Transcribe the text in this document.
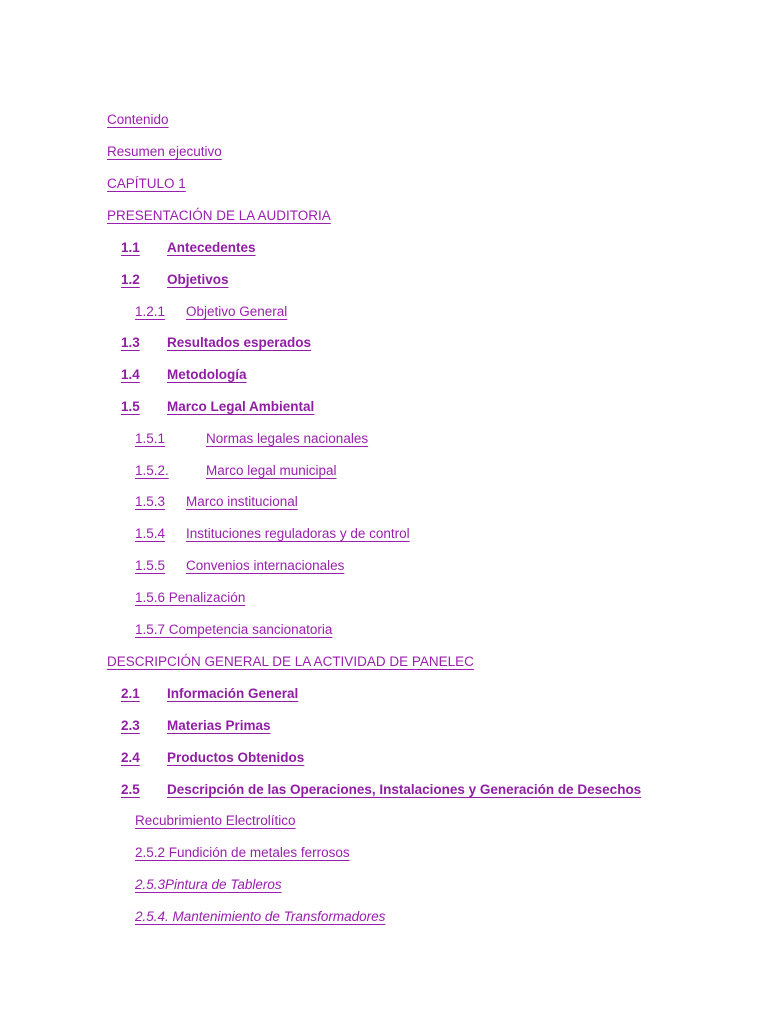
Contenido
Resumen ejecutivo
CAPÍTULO 1
PRESENTACIÓN DE LA AUDITORIA
1.1	Antecedentes
1.2	Objetivos
1.2.1	Objetivo General
1.3	Resultados esperados
1.4	Metodología
1.5	Marco Legal Ambiental
1.5.1	Normas legales nacionales
1.5.2.	Marco legal municipal
1.5.3	Marco institucional
1.5.4	Instituciones reguladoras y de control
1.5.5	Convenios internacionales
1.5.6 Penalización
1.5.7 Competencia sancionatoria
DESCRIPCIÓN GENERAL DE LA ACTIVIDAD DE PANELEC
2.1	Información General
2.3	Materias Primas
2.4	Productos Obtenidos
2.5	Descripción de las Operaciones, Instalaciones y Generación de Desechos
Recubrimiento Electrolítico
2.5.2 Fundición de metales ferrosos
2.5.3Pintura de Tableros
2.5.4. Mantenimiento de Transformadores
